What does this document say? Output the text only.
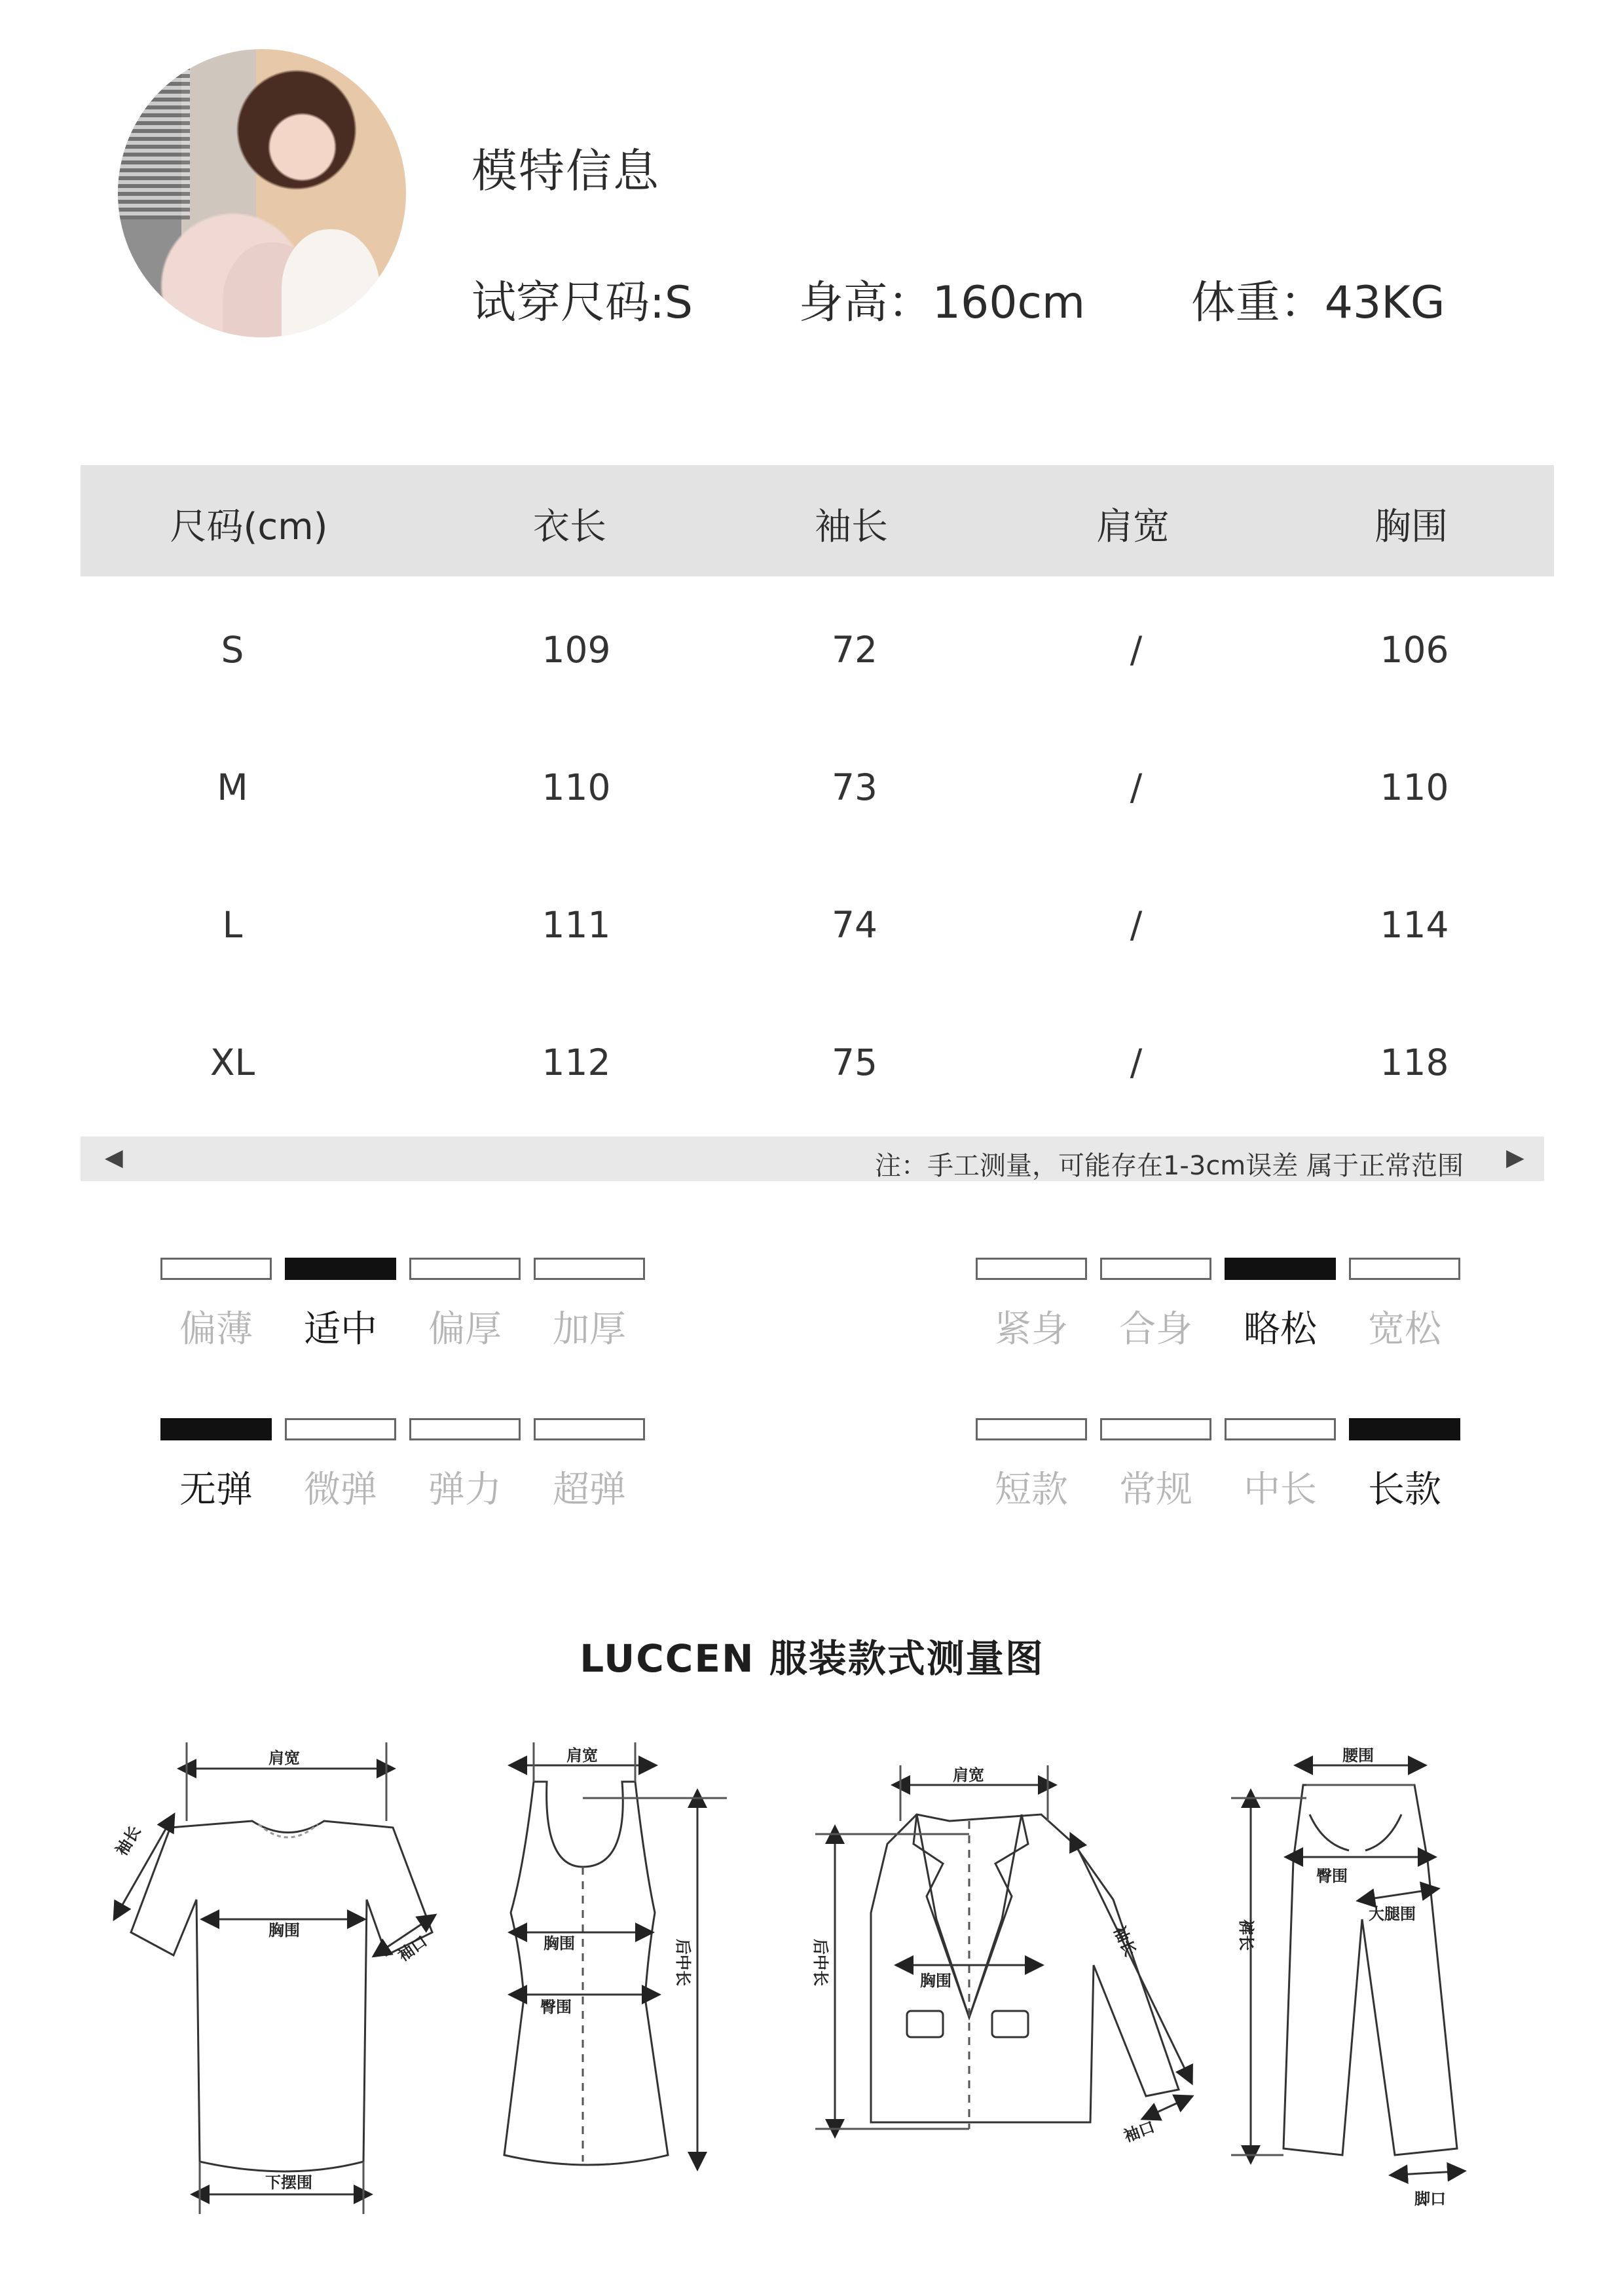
模特信息
试穿尺码:S 身高：160cm 体重：43KG
尺码(cm)	衣长	袖长	肩宽	胸围
S	109	72	/	106
M	110	73	/	110
L	111	74	/	114
XL	112	75	/	118
◀	注：手工测量，可能存在1-3cm误差 属于正常范围 ▶
偏薄	适中	偏厚	加厚	紧身	合身	略松	宽松
无弹	微弹	弹力	超弹	短款	常规	中长	长款
LUCCEN 服装款式测量图
肩宽
袖长
胸围
袖口
下摆围
肩宽
胸围
臀围
后中长
肩宽
后中长	胸围
袖长
袖口
腰围
臀围
大腿围
裤长
脚口
